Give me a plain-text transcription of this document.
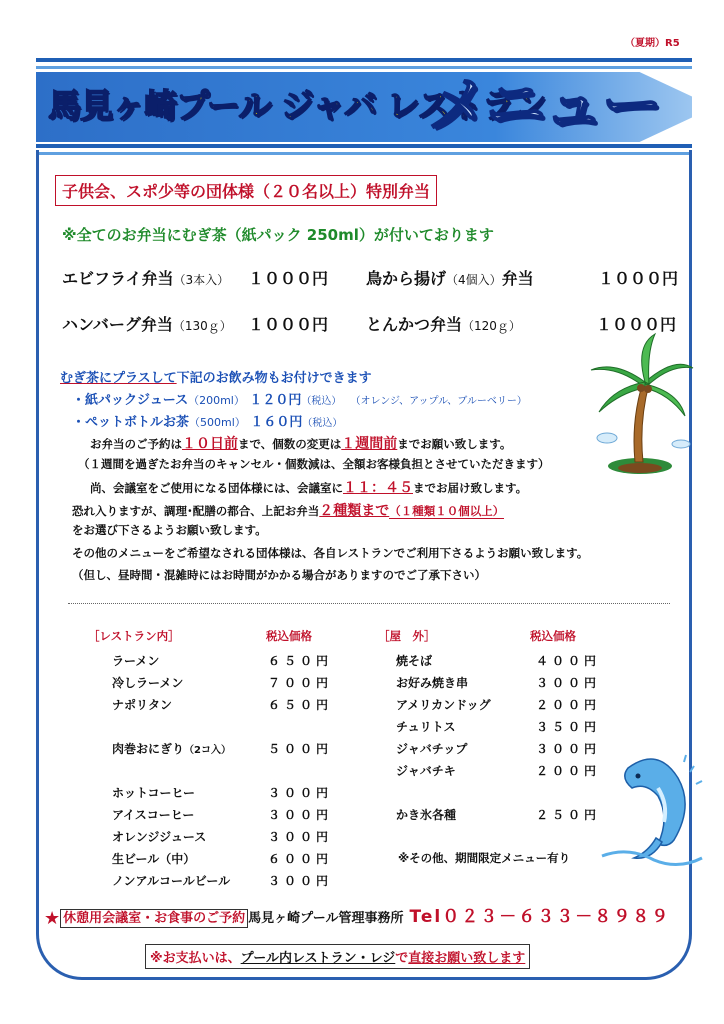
（夏期）R5
馬見ヶ崎プール ジャバ レストラン
メニュー
子供会、スポ少等の団体様（２０名以上）特別弁当
※全てのお弁当にむぎ茶（紙パック 250ml）が付いております
エビフライ弁当（3本入） １０００円 鳥から揚げ（4個入）弁当	１０００円
ハンバーグ弁当（130ｇ） １０００円 とんかつ弁当（120ｇ）	１０００円
むぎ茶にプラスして下記のお飲み物もお付けできます
・紙パックジュース（200ml） １２０円（税込） （オレンジ、アップル、ブルーベリー）
・ペットボトルお茶（500ml） １６０円（税込）
お弁当のご予約は１０日前まで、個数の変更は１週間前までお願い致します。
（１週間を過ぎたお弁当のキャンセル・個数減は、全額お客様負担とさせていただきます）
尚、会議室をご使用になる団体様には、会議室に１１：４５までお届け致します。
恐れ入りますが、調理･配膳の都合、上記お弁当２種類まで（１種類１０個以上）
をお選び下さるようお願い致します。
その他のメニューをご希望なされる団体様は、各自レストランでご利用下さるようお願い致します。
（但し、昼時間・混雑時にはお時間がかかる場合がありますのでご了承下さい）
［レストラン内］	税込価格
ラーメン	６５０円
冷しラーメン	７００円
ナポリタン	６５０円
肉巻おにぎり（2コ入）	５００円
ホットコーヒー	３００円
アイスコーヒー	３００円
オレンジジュース	３００円
生ビール（中）	６００円
ノンアルコールビール	３００円
［屋　外］	税込価格
焼そば	４００円
お好み焼き串	３００円
アメリカンドッグ	２００円
チュリトス	３５０円
ジャバチップ	３００円
ジャバチキ	２００円
かき氷各種	２５０円
※その他、期間限定メニュー有り
★ 休憩用会議室・お食事のご予約 馬見ヶ崎プール管理事務所 Tel０２３－６３３－８９８９
※お支払いは、プール内レストラン・レジで直接お願い致します
